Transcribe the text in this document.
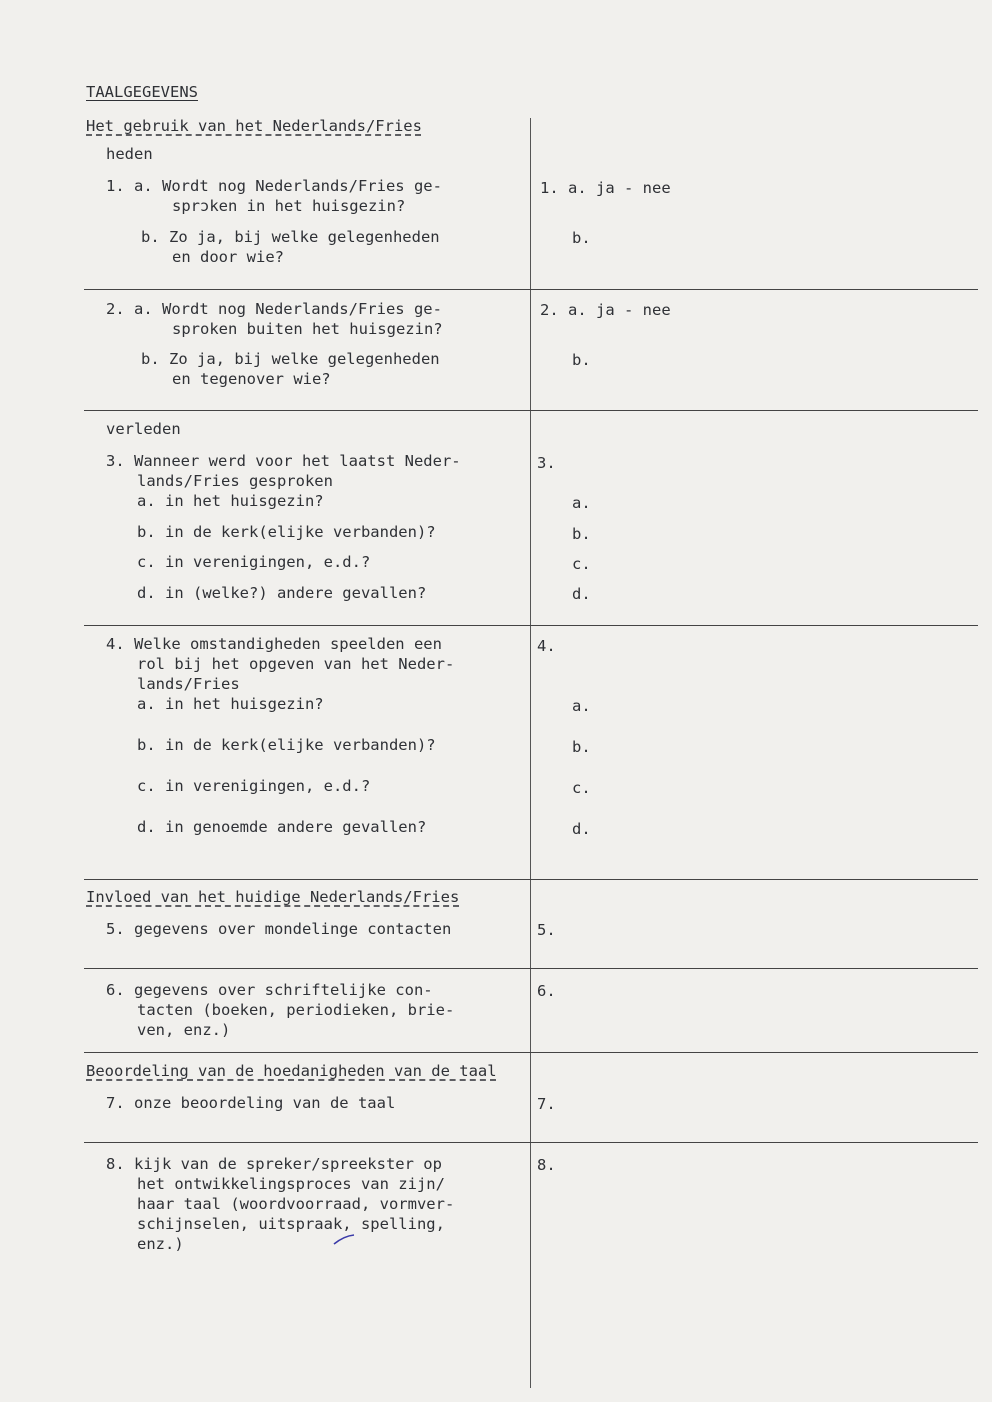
TAALGEGEVENS
Het gebruik van het Nederlands/Fries
heden
1. a. Wordt nog Nederlands/Fries ge-
sprɔken in het huisgezin?
b. Zo ja, bij welke gelegenheden
en door wie?
1. a. ja - nee
b.
2. a. Wordt nog Nederlands/Fries ge-
sproken buiten het huisgezin?
b. Zo ja, bij welke gelegenheden
en tegenover wie?
2. a. ja - nee
b.
verleden
3. Wanneer werd voor het laatst Neder-
lands/Fries gesproken
a. in het huisgezin?
b. in de kerk(elijke verbanden)?
c. in verenigingen, e.d.?
d. in (welke?) andere gevallen?
3.
a.
b.
c.
d.
4. Welke omstandigheden speelden een
rol bij het opgeven van het Neder-
lands/Fries
a. in het huisgezin?
b. in de kerk(elijke verbanden)?
c. in verenigingen, e.d.?
d. in genoemde andere gevallen?
4.
a.
b.
c.
d.
Invloed van het huidige Nederlands/Fries
5. gegevens over mondelinge contacten	5.
6. gegevens over schriftelijke con-
tacten (boeken, periodieken, brie-
ven, enz.)
6.
Beoordeling van de hoedanigheden van de taal
7. onze beoordeling van de taal	7.
8. kijk van de spreker/spreekster op
het ontwikkelingsproces van zijn/
haar taal (woordvoorraad, vormver-
schijnselen, uitspraak, spelling,
enz.)
8.
